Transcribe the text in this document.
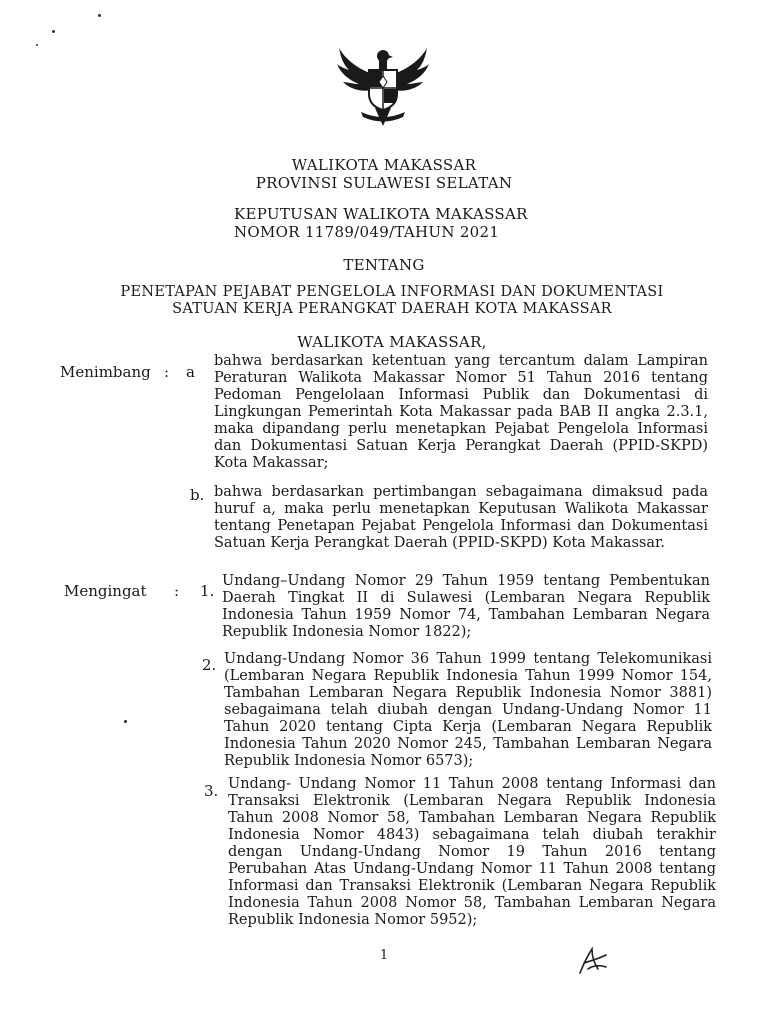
WALIKOTA MAKASSAR
PROVINSI SULAWESI SELATAN
KEPUTUSAN WALIKOTA MAKASSAR
NOMOR 11789/049/TAHUN 2021
TENTANG
PENETAPAN PEJABAT PENGELOLA INFORMASI DAN DOKUMENTASI
SATUAN KERJA PERANGKAT DAERAH KOTA MAKASSAR
WALIKOTA MAKASSAR,
Menimbang : a

bahwa berdasarkan ketentuan yang tercantum dalam Lampiran Peraturan Walikota Makassar Nomor 51 Tahun 2016 tentang Pedoman Pengelolaan Informasi Publik dan Dokumentasi di Lingkungan Pemerintah Kota Makassar pada BAB II angka 2.3.1, maka dipandang perlu menetapkan Pejabat Pengelola Informasi dan Dokumentasi Satuan Kerja Perangkat Daerah (PPID-SKPD) Kota Makassar;

b. bahwa berdasarkan pertimbangan sebagaimana dimaksud pada huruf a, maka perlu menetapkan Keputusan Walikota Makassar tentang Penetapan Pejabat Pengelola Informasi dan Dokumentasi Satuan Kerja Perangkat Daerah (PPID-SKPD) Kota Makassar.

Mengingat : 1.

Undang–Undang Nomor 29 Tahun 1959 tentang Pembentukan Daerah Tingkat II di Sulawesi (Lembaran Negara Republik Indonesia Tahun 1959 Nomor 74, Tambahan Lembaran Negara Republik Indonesia Nomor 1822);

2. Undang-Undang Nomor 36 Tahun 1999 tentang Telekomunikasi (Lembaran Negara Republik Indonesia Tahun 1999 Nomor 154, Tambahan Lembaran Negara Republik Indonesia Nomor 3881) sebagaimana telah diubah dengan Undang-Undang Nomor 11 Tahun 2020 tentang Cipta Kerja (Lembaran Negara Republik Indonesia Tahun 2020 Nomor 245, Tambahan Lembaran Negara Republik Indonesia Nomor 6573);

3. Undang- Undang Nomor 11 Tahun 2008 tentang Informasi dan Transaksi Elektronik (Lembaran Negara Republik Indonesia Tahun 2008 Nomor 58, Tambahan Lembaran Negara Republik Indonesia Nomor 4843) sebagaimana telah diubah terakhir dengan Undang-Undang Nomor 19 Tahun 2016 tentang Perubahan Atas Undang-Undang Nomor 11 Tahun 2008 tentang Informasi dan Transaksi Elektronik (Lembaran Negara Republik Indonesia Tahun 2008 Nomor 58, Tambahan Lembaran Negara Republik Indonesia Nomor 5952);

1
